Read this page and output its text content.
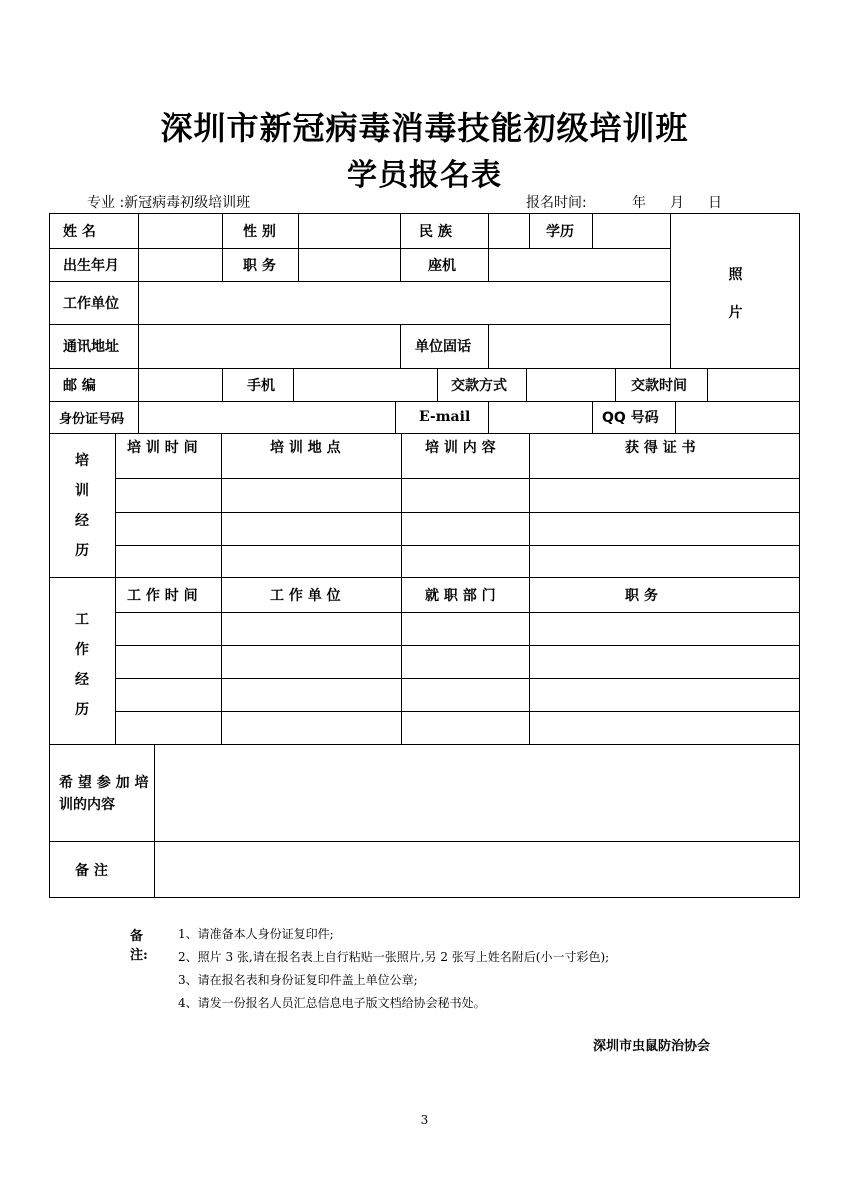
深圳市新冠病毒消毒技能初级培训班
学员报名表
专业 :新冠病毒初级培训班	报名时间:	年 月 日
姓 名	性 别	民 族	学历
照
片
出生年月	职 务	座机
工作单位
通讯地址	单位固话
邮 编	手机	交款方式	交款时间
身份证号码	E-mail	QQ 号码
培
训
经
历
培 训 时 间	培 训 地 点	培 训 内 容	获 得 证 书
工
作
经
历
工 作 时 间	工 作 单 位	就 职 部 门	职 务
希 望 参 加 培
训的内容
备 注
备注:
1、请准备本人身份证复印件;
2、照片 3 张,请在报名表上自行粘贴一张照片,另 2 张写上姓名附后(小一寸彩色);
3、请在报名表和身份证复印件盖上单位公章;
4、请发一份报名人员汇总信息电子版文档给协会秘书处。
深圳市虫鼠防治协会
3
